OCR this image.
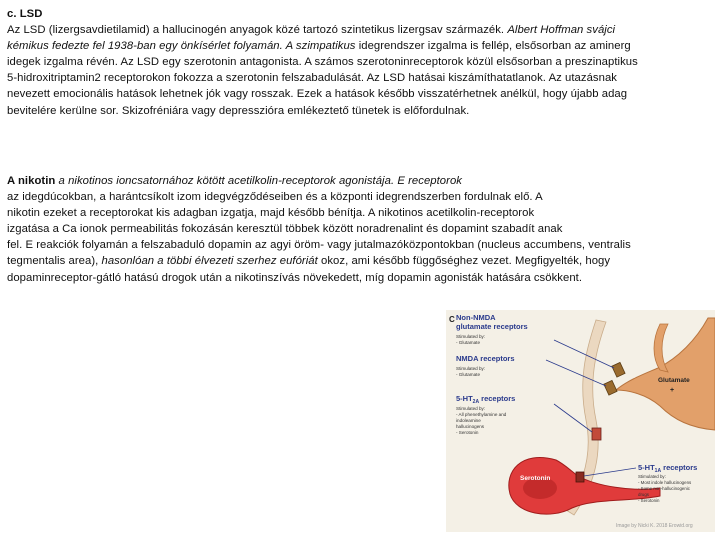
c. LSD
Az LSD (lizergsavdietilamid) a hallucinogén anyagok közé tartozó szintetikus lizergsav származék. Albert Hoffman svájci
kémikus fedezte fel 1938-ban egy önkísérlet folyamán. A szimpatikus idegrendszer izgalma is fellép, elsősorban az aminerg
idegek izgalma révén. Az LSD egy szerotonin antagonista. A számos szerotoninreceptorok közül elsősorban a preszinaptikus
5-hidroxitriptamin2 receptorokon fokozza a szerotonin felszabadulását. Az LSD hatásai kiszámíthatatlanok. Az utazásnak
nevezett emocionális hatások lehetnek jók vagy rosszak. Ezek a hatások később visszatérhetnek anélkül, hogy újabb adag
bevitelére kerülne sor. Skizofréniára vagy depresszióra emlékeztető tünetek is előfordulnak.
A nikotin a nikotinos ioncsatornához kötött acetilkolin-receptorok agonistája. E receptorok
az idegdúcokban, a harántcsíkolt izom idegvégződéseiben és a központi idegrendszerben fordulnak elő. A
nikotin ezeket a receptorokat kis adagban izgatja, majd később bénítja. A nikotinos acetilkolin-receptorok
izgatása a Ca ionok permeabilitás fokozásán keresztül többek között noradrenalint és dopamint szabadít anak
fel. E reakciók folyamán a felszabaduló dopamin az agyi öröm- vagy jutalmazóközpontokban (nucleus accumbens, ventralis
tegmentalis area), hasonlóan a többi élvezeti szerhez eufóriát okoz, ami később függőséghez vezet. Megfigyelték, hogy
dopaminreceptor-gátló hatású drogok után a nikotinszívás növekedett, míg dopamin agonisták hatására csökkent.
C Non-NMDA
glutamate receptors
Stimulated by:
- Glutamate
NMDA receptors
Stimulated by:
- Glutamate
Glutamate
+
$5-HT_{2A}$ receptors
Stimulated by:
- All phenethylamine and
indoleamine
hallucinogens
- Serotonin
Serotonin
$5-HT_{1A}$ receptors
Stimulated by:
- Most indole hallucinogens
- Some non-hallucinogenic
drugs
- Serotonin
Image by Nicki K. 2018 Erowid.org
